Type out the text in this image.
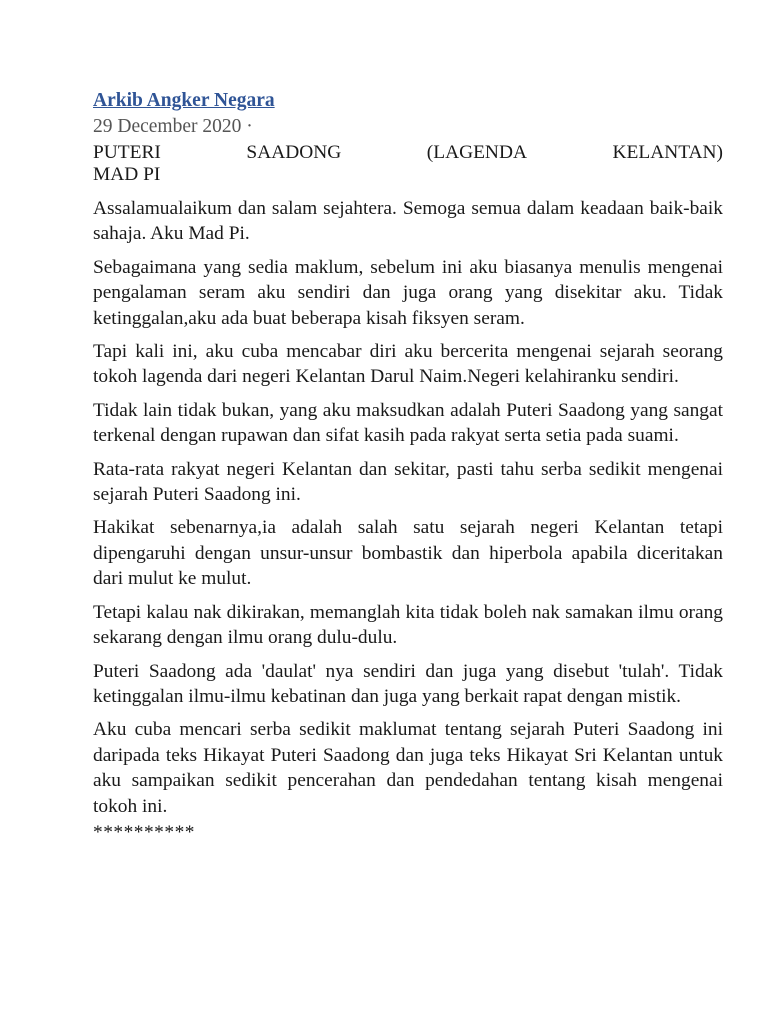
Arkib Angker Negara
29 December 2020 ·
PUTERI	SAADONG	(LAGENDA	KELANTAN)
MAD PI

Assalamualaikum dan salam sejahtera. Semoga semua dalam keadaan baik-baik sahaja. Aku Mad Pi.

Sebagaimana yang sedia maklum, sebelum ini aku biasanya menulis mengenai pengalaman seram aku sendiri dan juga orang yang disekitar aku. Tidak ketinggalan,aku ada buat beberapa kisah fiksyen seram.

Tapi kali ini, aku cuba mencabar diri aku bercerita mengenai sejarah seorang tokoh lagenda dari negeri Kelantan Darul Naim.Negeri kelahiranku sendiri.

Tidak lain tidak bukan, yang aku maksudkan adalah Puteri Saadong yang sangat terkenal dengan rupawan dan sifat kasih pada rakyat serta setia pada suami.

Rata-rata rakyat negeri Kelantan dan sekitar, pasti tahu serba sedikit mengenai sejarah Puteri Saadong ini.

Hakikat sebenarnya,ia adalah salah satu sejarah negeri Kelantan tetapi dipengaruhi dengan unsur-unsur bombastik dan hiperbola apabila diceritakan dari mulut ke mulut.

Tetapi kalau nak dikirakan, memanglah kita tidak boleh nak samakan ilmu orang sekarang dengan ilmu orang dulu-dulu.

Puteri Saadong ada 'daulat' nya sendiri dan juga yang disebut 'tulah'. Tidak ketinggalan ilmu-ilmu kebatinan dan juga yang berkait rapat dengan mistik.

Aku cuba mencari serba sedikit maklumat tentang sejarah Puteri Saadong ini daripada teks Hikayat Puteri Saadong dan juga teks Hikayat Sri Kelantan untuk aku sampaikan sedikit pencerahan dan pendedahan tentang kisah mengenai tokoh ini.

**********
